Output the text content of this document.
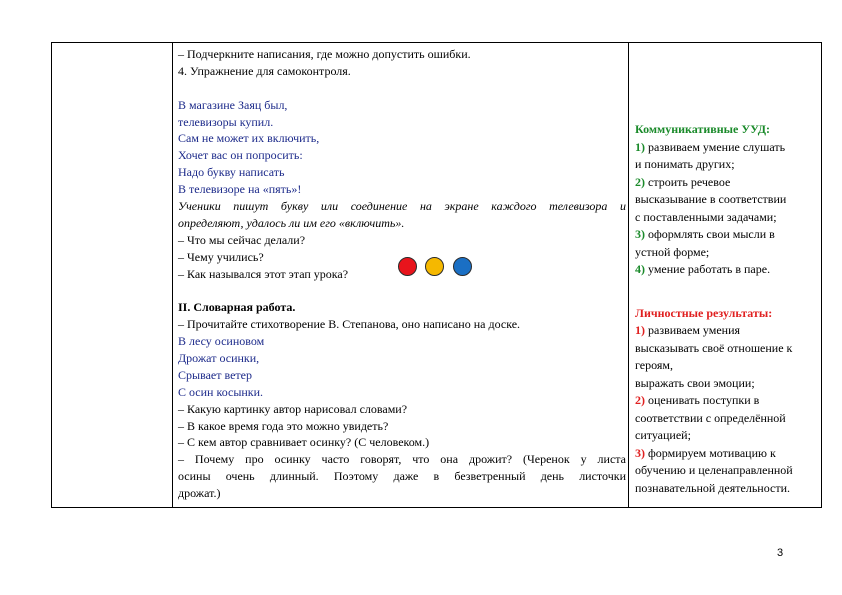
– Подчеркните написания, где можно допустить ошибки.
4. Упражнение для самоконтроля.
В магазине Заяц был,
телевизоры купил.
Сам не может их включить,
Хочет вас он попросить:
Надо букву написать
В телевизоре на «пять»!
Ученики пишут букву или соединение на экране каждого телевизора и
определяют, удалось ли им его «включить».
– Что мы сейчас делали?
– Чему учились?
– Как назывался этот этап урока?
II. Словарная работа.
– Прочитайте стихотворение В. Степанова, оно написано на доске.
В лесу осиновом
Дрожат осинки,
Срывает ветер
С осин косынки.
– Какую картинку автор нарисовал словами?
– В какое время года это можно увидеть?
– С кем автор сравнивает осинку? (С человеком.)
– Почему про осинку часто говорят, что она дрожит? (Черенок у листа
осины очень длинный. Поэтому даже в безветренный день листочки
дрожат.)
Коммуникативные УУД:
1) развиваем умение слушать
и понимать других;
2) строить речевое
высказывание в соответствии
с поставленными задачами;
3) оформлять свои мысли в
устной форме;
4) умение работать в паре.
Личностные результаты:
1) развиваем умения
высказывать своё отношение к
героям,
выражать свои эмоции;
2) оценивать поступки в
соответствии с определённой
ситуацией;
3) формируем мотивацию к
обучению и целенаправленной
познавательной деятельности.
3
